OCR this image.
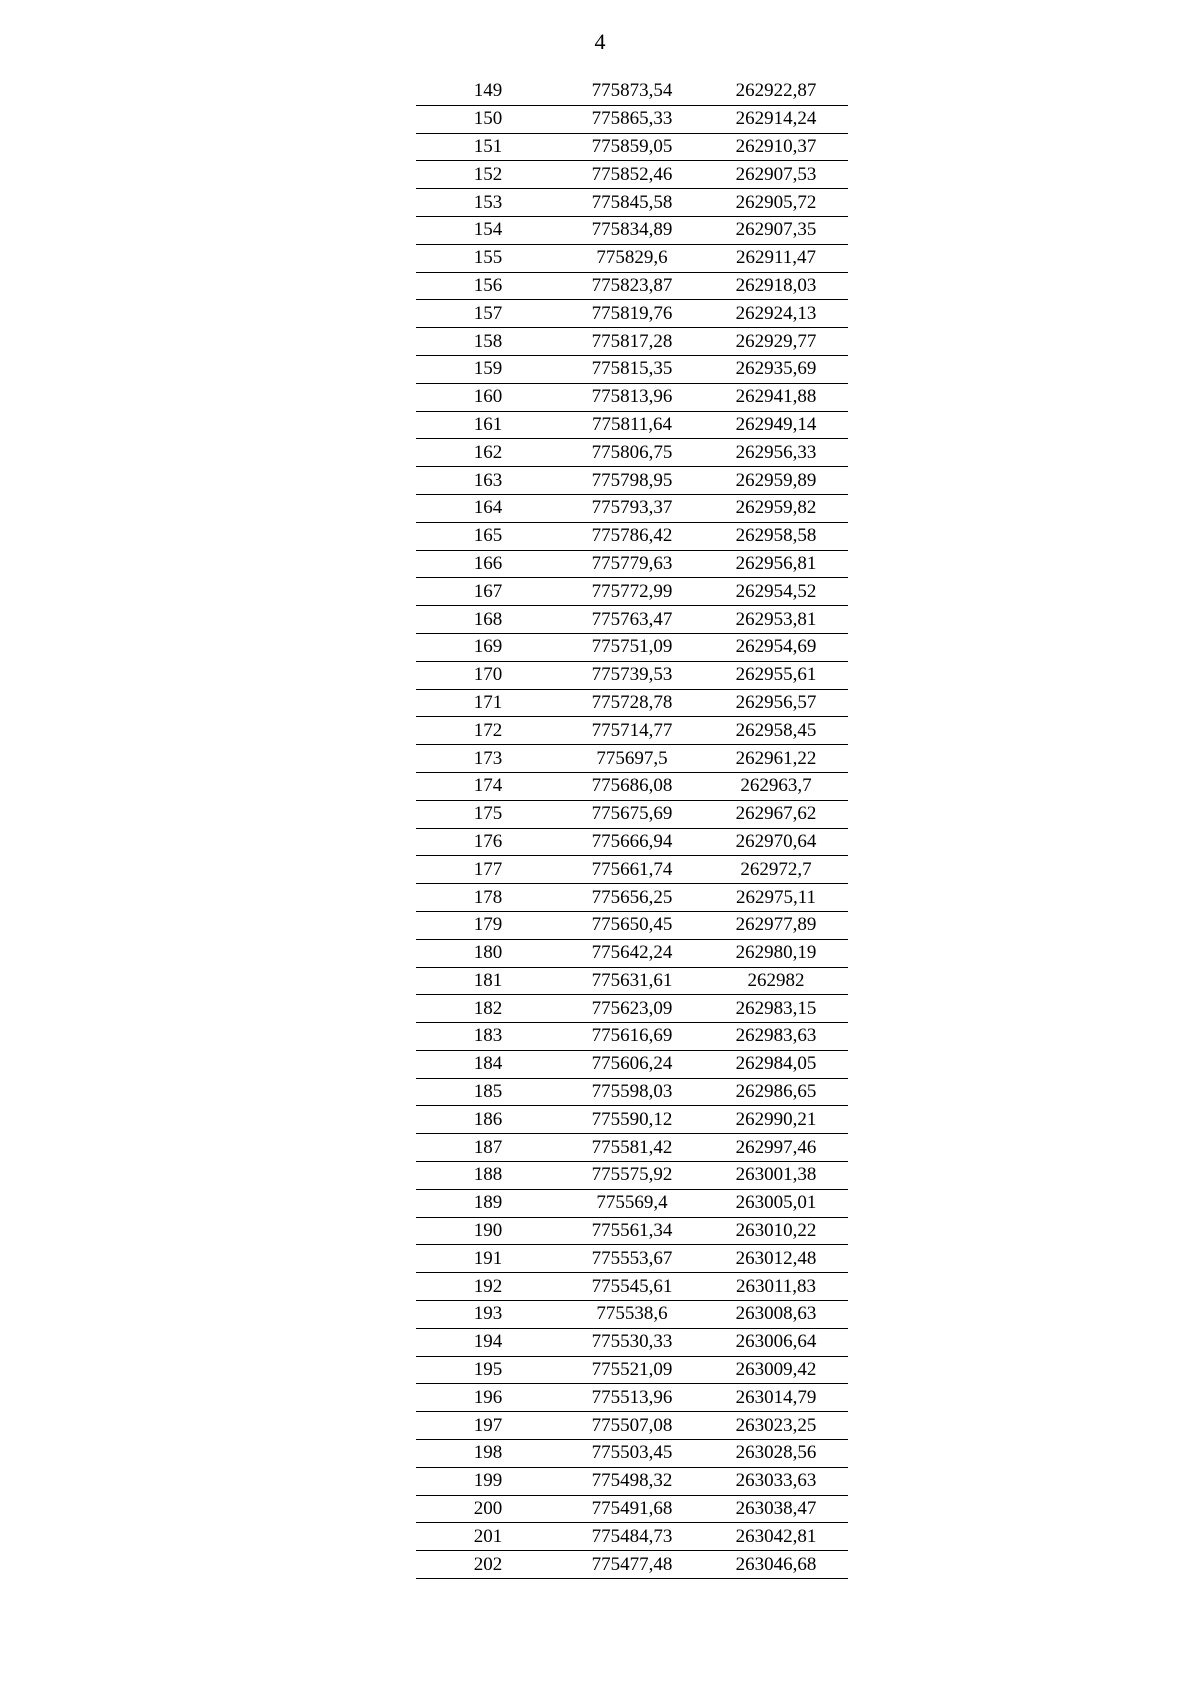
4
149	775873,54	262922,87
150	775865,33	262914,24
151	775859,05	262910,37
152	775852,46	262907,53
153	775845,58	262905,72
154	775834,89	262907,35
155	775829,6	262911,47
156	775823,87	262918,03
157	775819,76	262924,13
158	775817,28	262929,77
159	775815,35	262935,69
160	775813,96	262941,88
161	775811,64	262949,14
162	775806,75	262956,33
163	775798,95	262959,89
164	775793,37	262959,82
165	775786,42	262958,58
166	775779,63	262956,81
167	775772,99	262954,52
168	775763,47	262953,81
169	775751,09	262954,69
170	775739,53	262955,61
171	775728,78	262956,57
172	775714,77	262958,45
173	775697,5	262961,22
174	775686,08	262963,7
175	775675,69	262967,62
176	775666,94	262970,64
177	775661,74	262972,7
178	775656,25	262975,11
179	775650,45	262977,89
180	775642,24	262980,19
181	775631,61	262982
182	775623,09	262983,15
183	775616,69	262983,63
184	775606,24	262984,05
185	775598,03	262986,65
186	775590,12	262990,21
187	775581,42	262997,46
188	775575,92	263001,38
189	775569,4	263005,01
190	775561,34	263010,22
191	775553,67	263012,48
192	775545,61	263011,83
193	775538,6	263008,63
194	775530,33	263006,64
195	775521,09	263009,42
196	775513,96	263014,79
197	775507,08	263023,25
198	775503,45	263028,56
199	775498,32	263033,63
200	775491,68	263038,47
201	775484,73	263042,81
202	775477,48	263046,68
